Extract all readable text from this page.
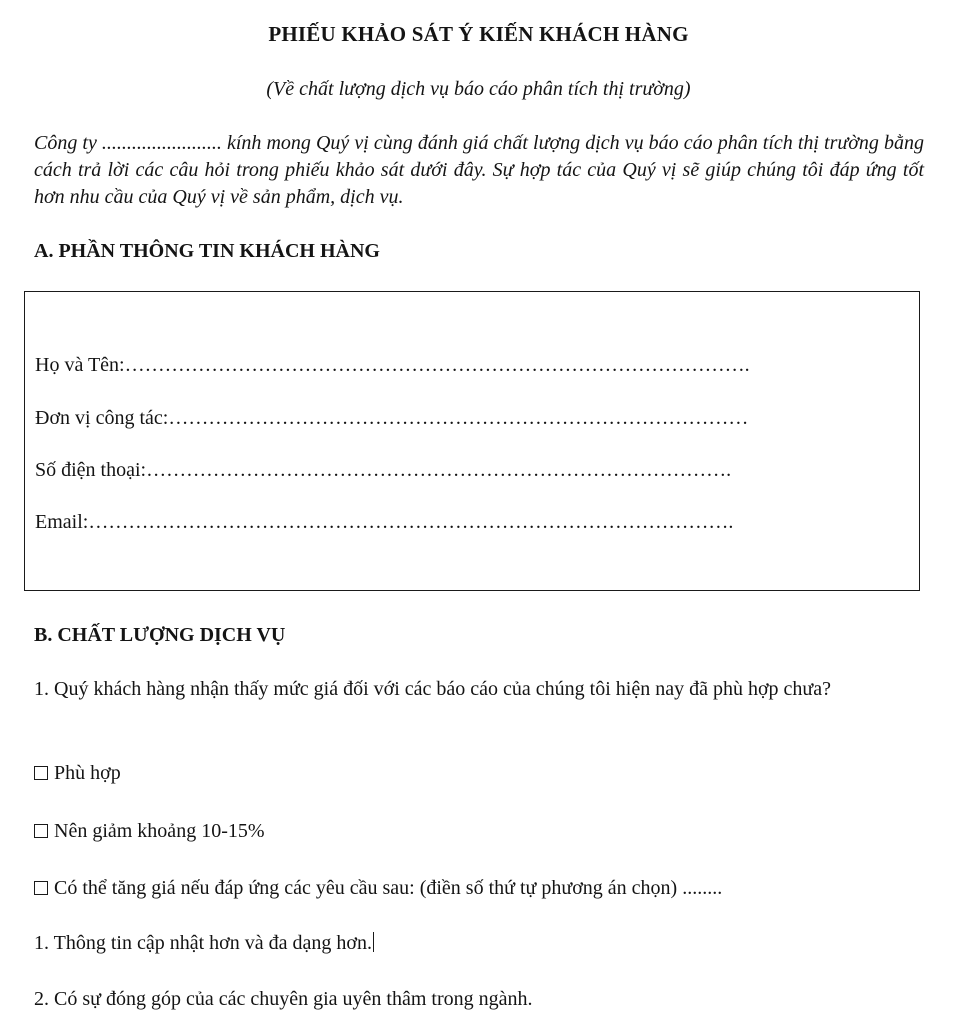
PHIẾU KHẢO SÁT Ý KIẾN KHÁCH HÀNG
(Về chất lượng dịch vụ báo cáo phân tích thị trường)
Công ty ........................ kính mong Quý vị cùng đánh giá chất lượng dịch vụ báo cáo phân tích thị trường bằng cách trả lời các câu hỏi trong phiếu khảo sát dưới đây. Sự hợp tác của Quý vị sẽ giúp chúng tôi đáp ứng tốt hơn nhu cầu của Quý vị về sản phẩm, dịch vụ.
A. PHẦN THÔNG TIN KHÁCH HÀNG
Họ và Tên:………………………………………………………………………………….
Đơn vị công tác:……………………………………………………………………………
Số điện thoại:…………………………………………………………………………….
Email:…………………………………………………………………………………….
B. CHẤT LƯỢNG DỊCH VỤ
1. Quý khách hàng nhận thấy mức giá đối với các báo cáo của chúng tôi hiện nay đã phù hợp chưa?
Phù hợp
Nên giảm khoảng 10-15%
Có thể tăng giá nếu đáp ứng các yêu cầu sau: (điền số thứ tự phương án chọn) ........
1. Thông tin cập nhật hơn và đa dạng hơn.
2. Có sự đóng góp của các chuyên gia uyên thâm trong ngành.
